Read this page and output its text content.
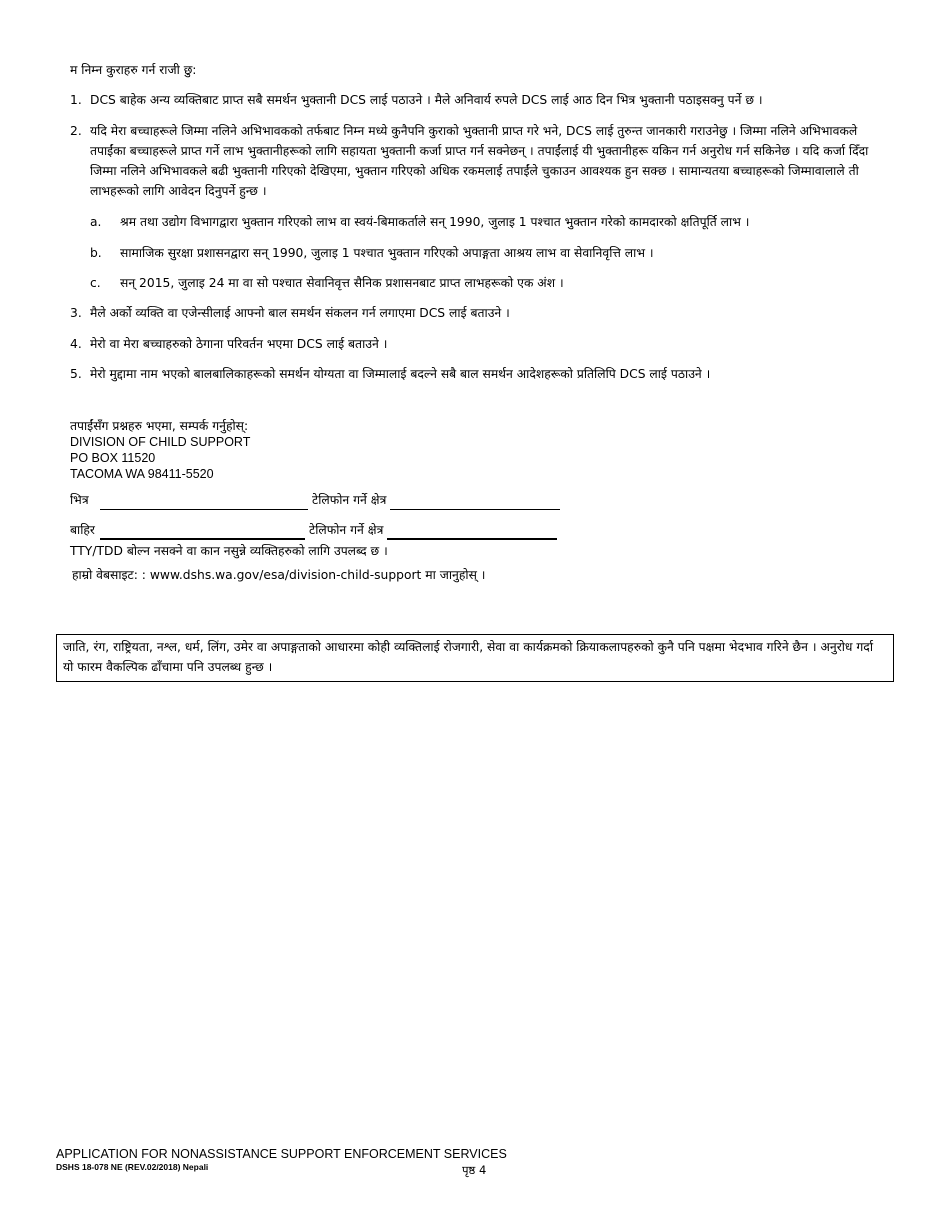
म निम्न कुराहरु गर्न राजी छु:
1. DCS बाहेक अन्य व्यक्तिबाट प्राप्त सबै समर्थन भुक्तानी DCS लाई पठाउने । मैले अनिवार्य रुपले DCS लाई आठ दिन भित्र भुक्तानी पठाइसक्नु पर्ने छ ।
2. यदि मेरा बच्चाहरूले जिम्मा नलिने अभिभावकको तर्फबाट निम्न मध्ये कुनैपनि कुराको भुक्तानी प्राप्त गरे भने, DCS लाई तुरुन्त जानकारी गराउनेछु । जिम्मा नलिने अभिभावकले तपाईंका बच्चाहरूले प्राप्त गर्ने लाभ भुक्तानीहरूको लागि सहायता भुक्तानी कर्जा प्राप्त गर्न सक्नेछन् । तपाईंलाई यी भुक्तानीहरू यकिन गर्न अनुरोध गर्न सकिनेछ । यदि कर्जा दिँदा जिम्मा नलिने अभिभावकले बढी भुक्तानी गरिएको देखिएमा, भुक्तान गरिएको अधिक रकमलाई तपाईंले चुकाउन आवश्यक हुन सक्छ । सामान्यतया बच्चाहरूको जिम्मावालाले ती लाभहरूको लागि आवेदन दिनुपर्ने हुन्छ ।
a.	श्रम तथा उद्योग विभागद्वारा भुक्तान गरिएको लाभ वा स्वयं-बिमाकर्ताले सन् 1990, जुलाइ 1 पश्चात भुक्तान गरेको कामदारको क्षतिपूर्ति लाभ ।
b.	सामाजिक सुरक्षा प्रशासनद्वारा सन् 1990, जुलाइ 1 पश्चात भुक्तान गरिएको अपाङ्गता आश्रय लाभ वा सेवानिवृत्ति लाभ ।
c.	सन् 2015, जुलाइ 24 मा वा सो पश्चात सेवानिवृत्त सैनिक प्रशासनबाट प्राप्त लाभहरूको एक अंश ।
3. मैले अर्को व्यक्ति वा एजेन्सीलाई आफ्नो बाल समर्थन संकलन गर्न लगाएमा DCS लाई बताउने ।
4. मेरो वा मेरा बच्चाहरुको ठेगाना परिवर्तन भएमा DCS लाई बताउने ।
5. मेरो मुद्दामा नाम भएको बालबालिकाहरूको समर्थन योग्यता वा जिम्मालाई बदल्ने सबै बाल समर्थन आदेशहरूको प्रतिलिपि DCS लाई पठाउने ।
तपाईंसँग प्रश्नहरु भएमा, सम्पर्क गर्नुहोस्:
DIVISION OF CHILD SUPPORT
PO BOX 11520
TACOMA WA 98411-5520
भित्र	टेलिफोन गर्ने क्षेत्र
बाहिर	टेलिफोन गर्ने क्षेत्र
TTY/TDD बोल्न नसक्ने वा कान नसुन्ने व्यक्तिहरुको लागि उपलब्द छ ।
हाम्रो वेबसाइट: : www.dshs.wa.gov/esa/division-child-support मा जानुहोस् ।
जाति, रंग, राष्ट्रियता, नश्ल, धर्म, लिंग, उमेर वा अपाङ्गताको आधारमा कोही व्यक्तिलाई रोजगारी, सेवा वा कार्यक्रमको क्रियाकलापहरुको कुनै पनि पक्षमा भेदभाव गरिने छैन । अनुरोध गर्दा यो फारम वैकल्पिक ढाँचामा पनि उपलब्ध हुन्छ ।
APPLICATION FOR NONASSISTANCE SUPPORT ENFORCEMENT SERVICES
DSHS 18-078 NE (REV.02/2018) Nepali	पृष्ठ 4
